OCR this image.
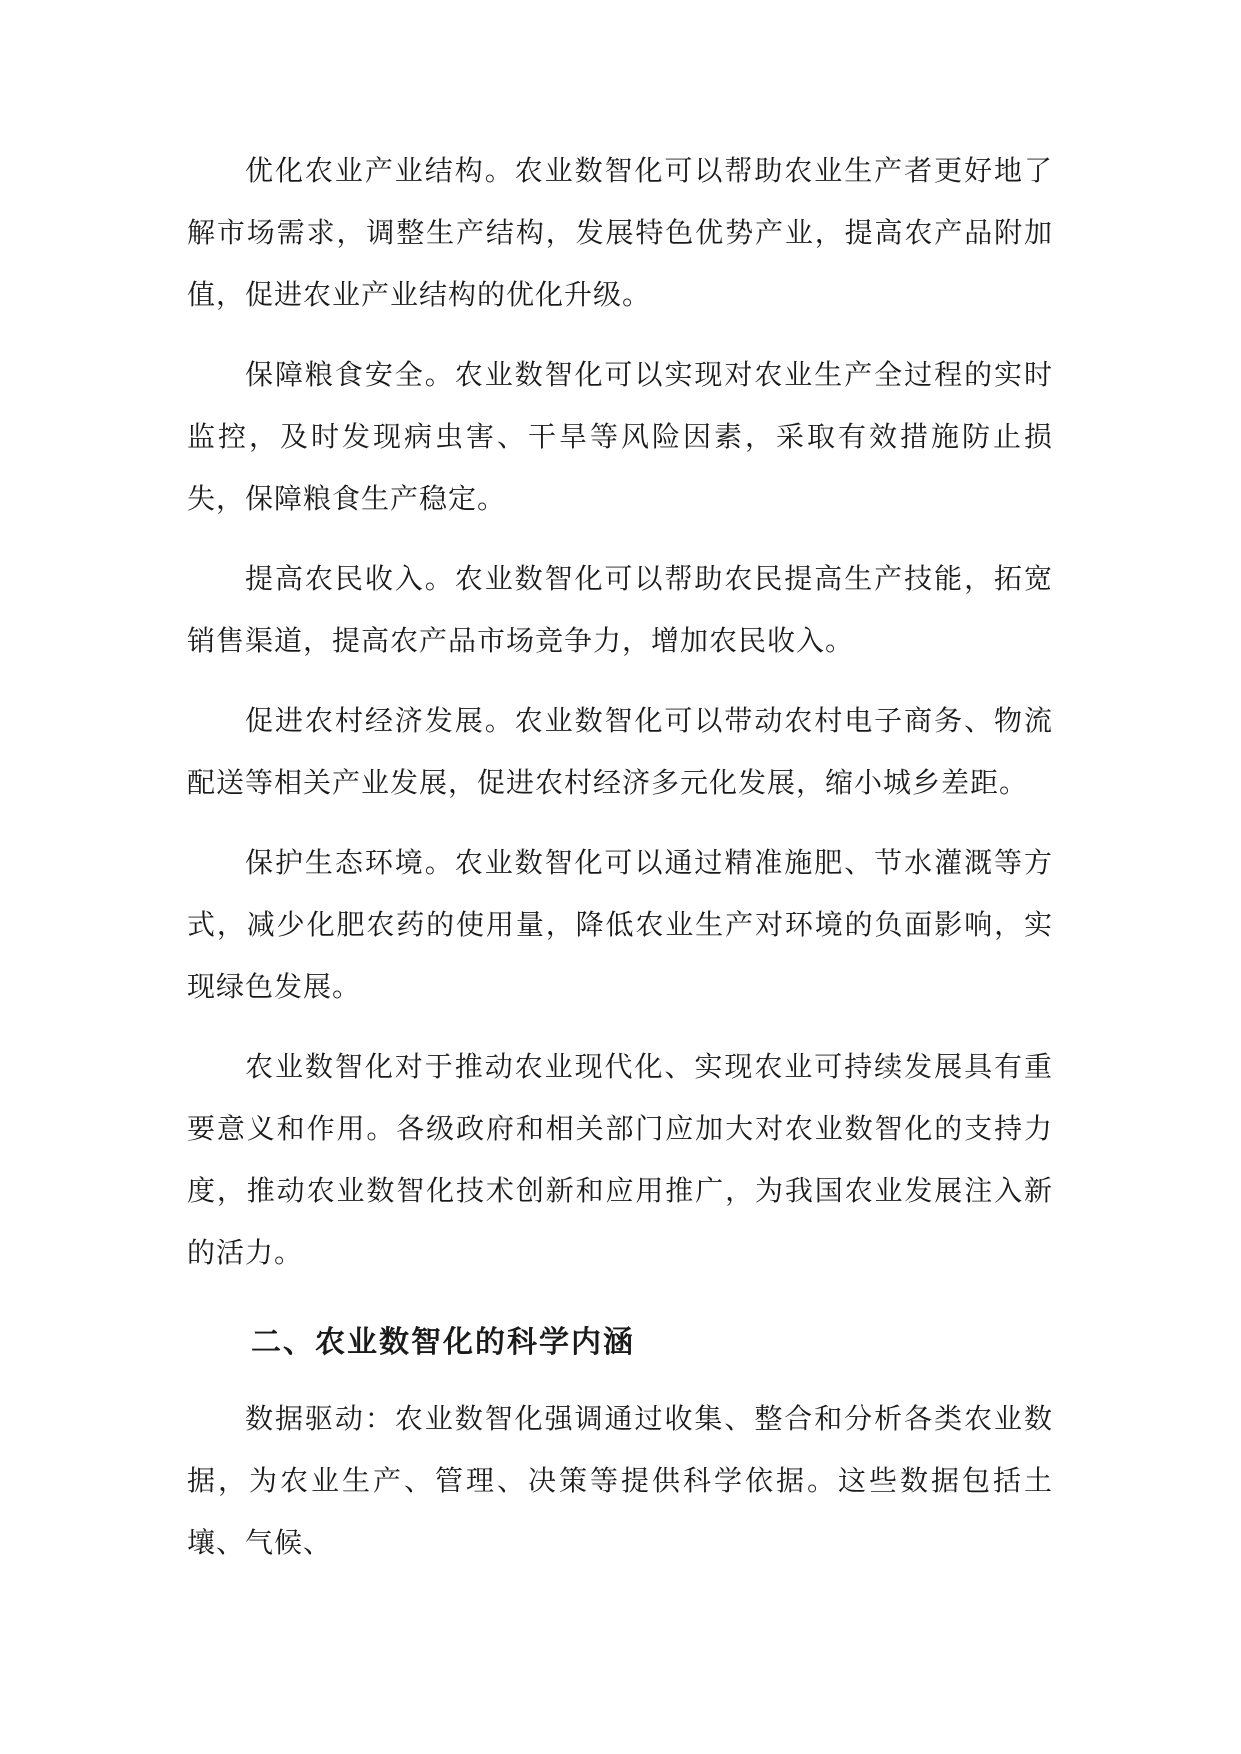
优化农业产业结构。农业数智化可以帮助农业生产者更好地了解市场需求，调整生产结构，发展特色优势产业，提高农产品附加值，促进农业产业结构的优化升级。

保障粮食安全。农业数智化可以实现对农业生产全过程的实时监控，及时发现病虫害、干旱等风险因素，采取有效措施防止损失，保障粮食生产稳定。

提高农民收入。农业数智化可以帮助农民提高生产技能，拓宽销售渠道，提高农产品市场竞争力，增加农民收入。

促进农村经济发展。农业数智化可以带动农村电子商务、物流配送等相关产业发展，促进农村经济多元化发展，缩小城乡差距。

保护生态环境。农业数智化可以通过精准施肥、节水灌溉等方式，减少化肥农药的使用量，降低农业生产对环境的负面影响，实现绿色发展。

农业数智化对于推动农业现代化、实现农业可持续发展具有重要意义和作用。各级政府和相关部门应加大对农业数智化的支持力度，推动农业数智化技术创新和应用推广，为我国农业发展注入新的活力。

二、农业数智化的科学内涵

数据驱动：农业数智化强调通过收集、整合和分析各类农业数据，为农业生产、管理、决策等提供科学依据。这些数据包括土壤、气候、
